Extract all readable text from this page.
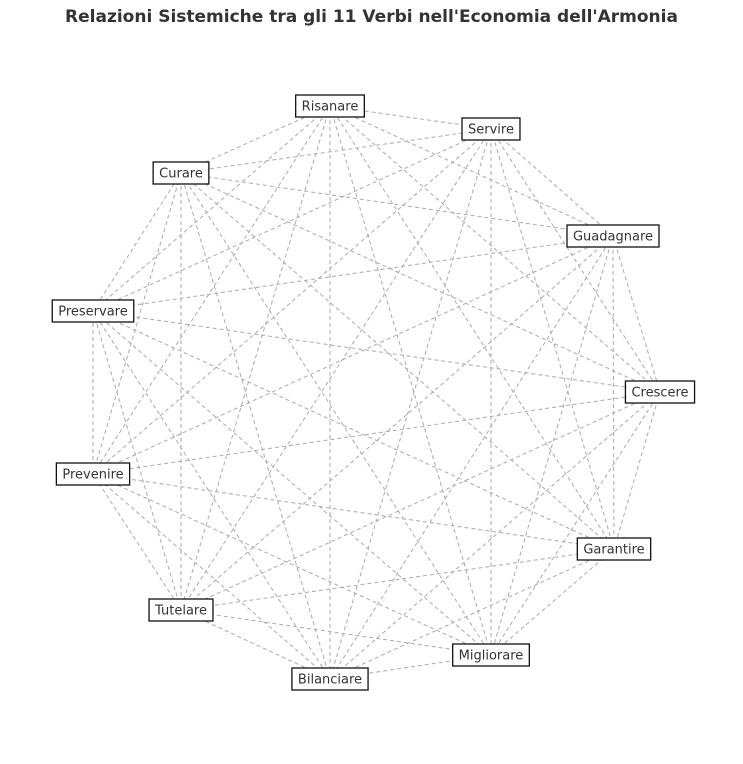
Relazioni Sistemiche tra gli 11 Verbi nell'Economia dell'Armonia
Risanare
Servire
Guadagnare
Crescere
Garantire
Migliorare
Bilanciare
Tutelare
Prevenire
Preservare
Curare
